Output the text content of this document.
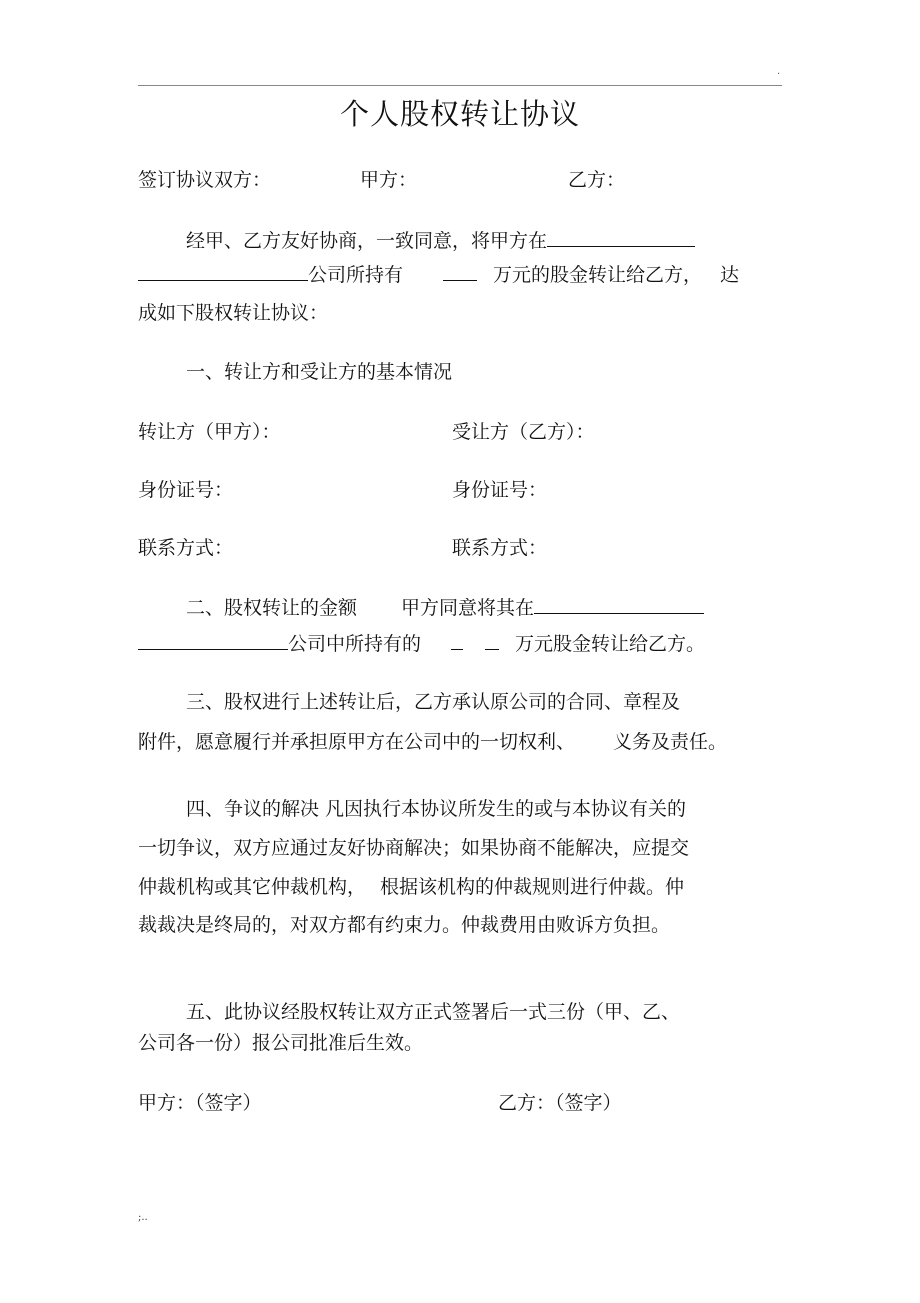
.
个人股权转让协议
签订协议双方：	甲方：	乙方：
经甲、乙方友好协商，一致同意，将甲方在
公司所持有	万元的股金转让给乙方， 达
成如下股权转让协议：
一、转让方和受让方的基本情况
转让方（甲方）：	受让方（乙方）：
身份证号：	身份证号：
联系方式：	联系方式：
二、股权转让的金额 甲方同意将其在
公司中所持有的	万元股金转让给乙方。
三、股权进行上述转让后，乙方承认原公司的合同、章程及
附件，愿意履行并承担原甲方在公司中的一切权利、 义务及责任。
四、争议的解决 凡因执行本协议所发生的或与本协议有关的
一切争议，双方应通过友好协商解决；如果协商不能解决，应提交
仲裁机构或其它仲裁机构， 根据该机构的仲裁规则进行仲裁。仲
裁裁决是终局的，对双方都有约束力。仲裁费用由败诉方负担。
五、此协议经股权转让双方正式签署后一式三份（甲、乙、
公司各一份）报公司批准后生效。
甲方：（签字）	乙方：（签字）
;..
